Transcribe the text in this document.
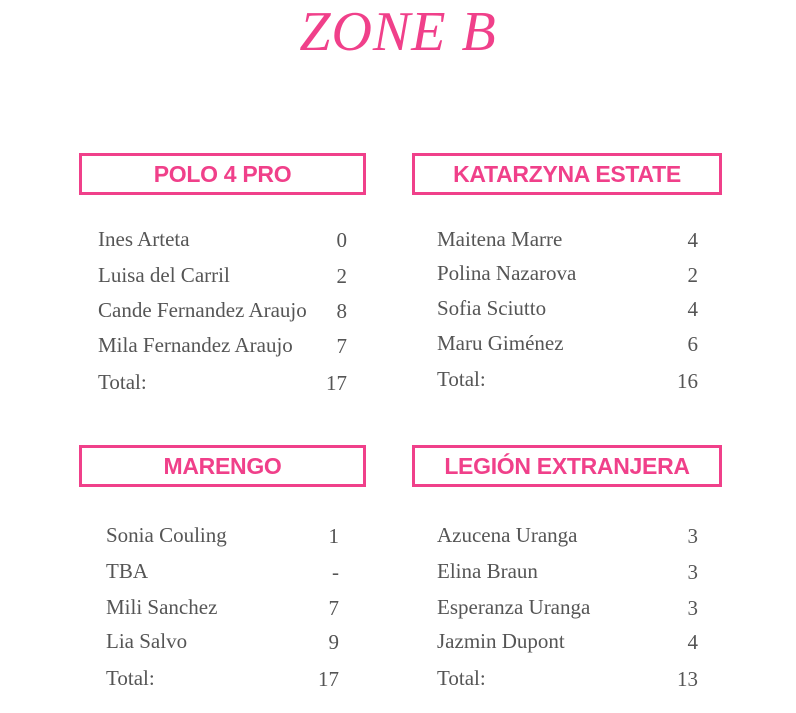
ZONE B
POLO 4 PRO
Ines Arteta	0
Luisa del Carril	2
Cande Fernandez Araujo	8
Mila Fernandez Araujo	7
Total:	17
KATARZYNA ESTATE
Maitena Marre	4
Polina Nazarova	2
Sofia Sciutto	4
Maru Giménez	6
Total:	16
MARENGO
Sonia Couling	1
TBA	-
Mili Sanchez	7
Lia Salvo	9
Total:	17
LEGIÓN EXTRANJERA
Azucena Uranga	3
Elina Braun	3
Esperanza Uranga	3
Jazmin Dupont	4
Total:	13
